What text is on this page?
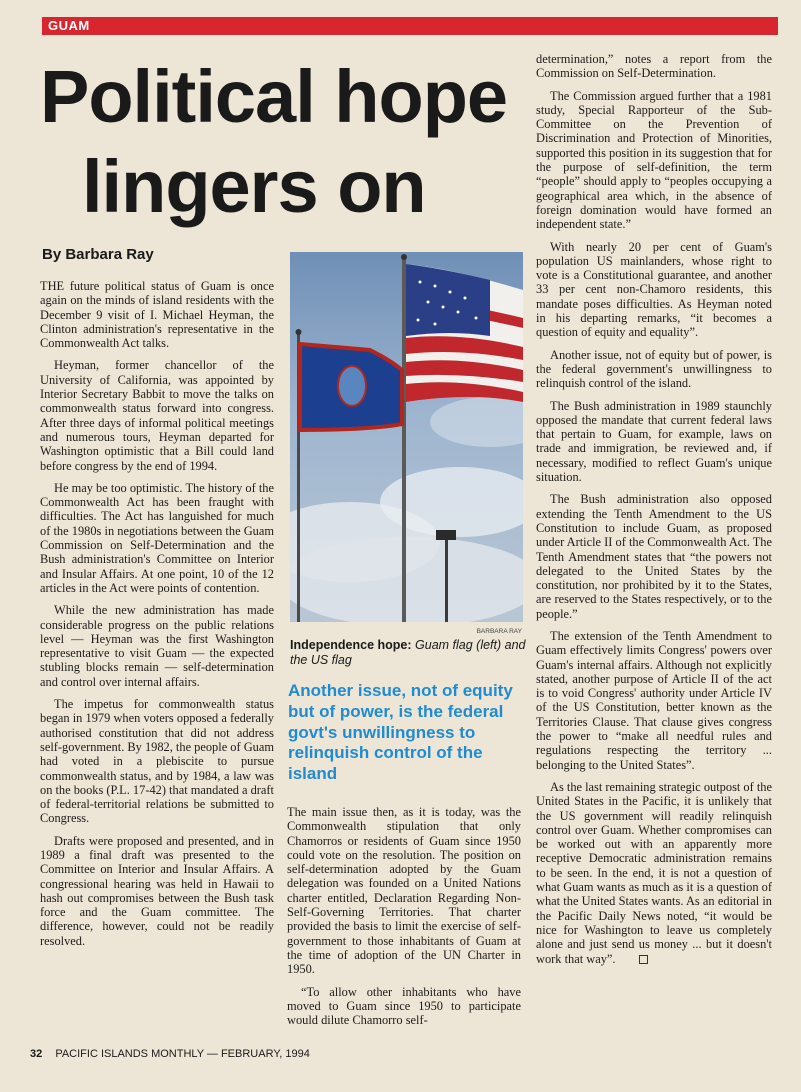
GUAM
Political hope
lingers on
By Barbara Ray

THE future political status of Guam is once again on the minds of island residents with the December 9 visit of I. Michael Heyman, the Clinton administration's representative in the Commonwealth Act talks.

Heyman, former chancellor of the University of California, was appointed by Interior Secretary Babbit to move the talks on commonwealth status forward into congress. After three days of informal political meetings and numerous tours, Heyman departed for Washington optimistic that a Bill could land before congress by the end of 1994.

He may be too optimistic. The history of the Commonwealth Act has been fraught with difficulties. The Act has languished for much of the 1980s in negotiations between the Guam Commission on Self-Determination and the Bush administration's Committee on Interior and Insular Affairs. At one point, 10 of the 12 articles in the Act were points of contention.

While the new administration has made considerable progress on the public relations level — Heyman was the first Washington representative to visit Guam — the expected stubling blocks remain — self-determination and control over internal affairs.

The impetus for commonwealth status began in 1979 when voters opposed a federally authorised constitution that did not address self-government. By 1982, the people of Guam had voted in a plebiscite to pursue commonwealth status, and by 1984, a law was on the books (P.L. 17-42) that mandated a draft of federal-territorial relations be submitted to Congress.

Drafts were proposed and presented, and in 1989 a final draft was presented to the Committee on Interior and Insular Affairs. A congressional hearing was held in Hawaii to hash out compromises between the Bush task force and the Guam committee. The difference, however, could not be readily resolved.

BARBARA RAY
Independence hope: Guam flag (left) and the US flag
Another issue, not of equity but of power, is the federal govt's unwillingness to relinquish control of the island

The main issue then, as it is today, was the Commonwealth stipulation that only Chamorros or residents of Guam since 1950 could vote on the resolution. The position on self-determination adopted by the Guam delegation was founded on a United Nations charter entitled, Declaration Regarding Non-Self-Governing Territories. That charter provided the basis to limit the exercise of self-government to those inhabitants of Guam at the time of adoption of the UN Charter in 1950.

“To allow other inhabitants who have moved to Guam since 1950 to participate would dilute Chamorro self-

determination,” notes a report from the Commission on Self-Determination.

The Commission argued further that a 1981 study, Special Rapporteur of the Sub-Committee on the Prevention of Discrimination and Protection of Minorities, supported this position in its suggestion that for the purpose of self-definition, the term “people” should apply to “peoples occupying a geographical area which, in the absence of foreign domination would have formed an independent state.”

With nearly 20 per cent of Guam's population US mainlanders, whose right to vote is a Constitutional guarantee, and another 33 per cent non-Chamoro residents, this mandate poses difficulties. As Heyman noted in his departing remarks, “it becomes a question of equity and equality”.

Another issue, not of equity but of power, is the federal government's unwillingness to relinquish control of the island.

The Bush administration in 1989 staunchly opposed the mandate that current federal laws that pertain to Guam, for example, laws on trade and immigration, be reviewed and, if necessary, modified to reflect Guam's unique situation.

The Bush administration also opposed extending the Tenth Amendment to the US Constitution to include Guam, as proposed under Article II of the Commonwealth Act. The Tenth Amendment states that “the powers not delegated to the United States by the constitution, nor prohibited by it to the States, are reserved to the States respectively, or to the people.”

The extension of the Tenth Amendment to Guam effectively limits Congress' powers over Guam's internal affairs. Although not explicitly stated, another purpose of Article II of the act is to void Congress' authority under Article IV of the US Constitution, better known as the Territories Clause. That clause gives congress the power to “make all needful rules and regulations respecting the territory ... belonging to the United States”.

As the last remaining strategic outpost of the United States in the Pacific, it is unlikely that the US government will readily relinquish control over Guam. Whether compromises can be worked out with an apparently more receptive Democratic administration remains to be seen. In the end, it is not a question of what Guam wants as much as it is a question of what the United States wants. As an editorial in the Pacific Daily News noted, “it would be nice for Washington to leave us completely alone and just send us money ... but it doesn't work that way”.

32 PACIFIC ISLANDS MONTHLY — FEBRUARY, 1994
